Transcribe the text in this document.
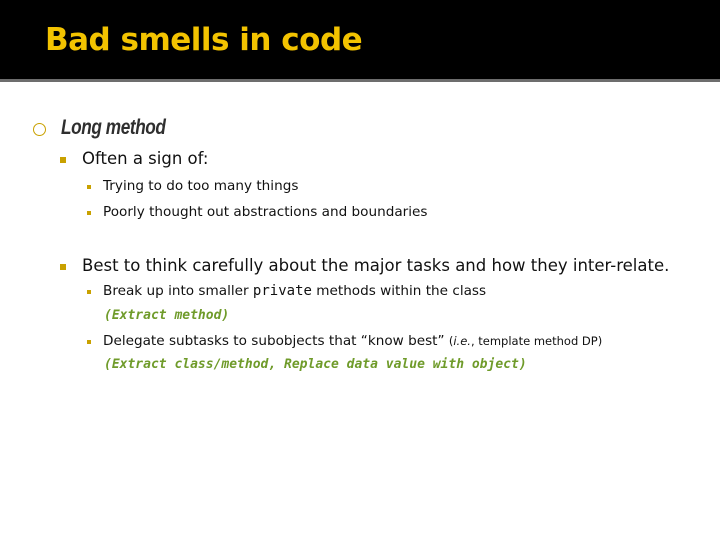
Bad smells in code
Long method
Often a sign of:
Trying to do too many things
Poorly thought out abstractions and boundaries
Best to think carefully about the major tasks and how they inter-relate.
Break up into smaller private methods within the class
(Extract method)
Delegate subtasks to subobjects that “know best” (i.e., template method DP)
(Extract class/method, Replace data value with object)
